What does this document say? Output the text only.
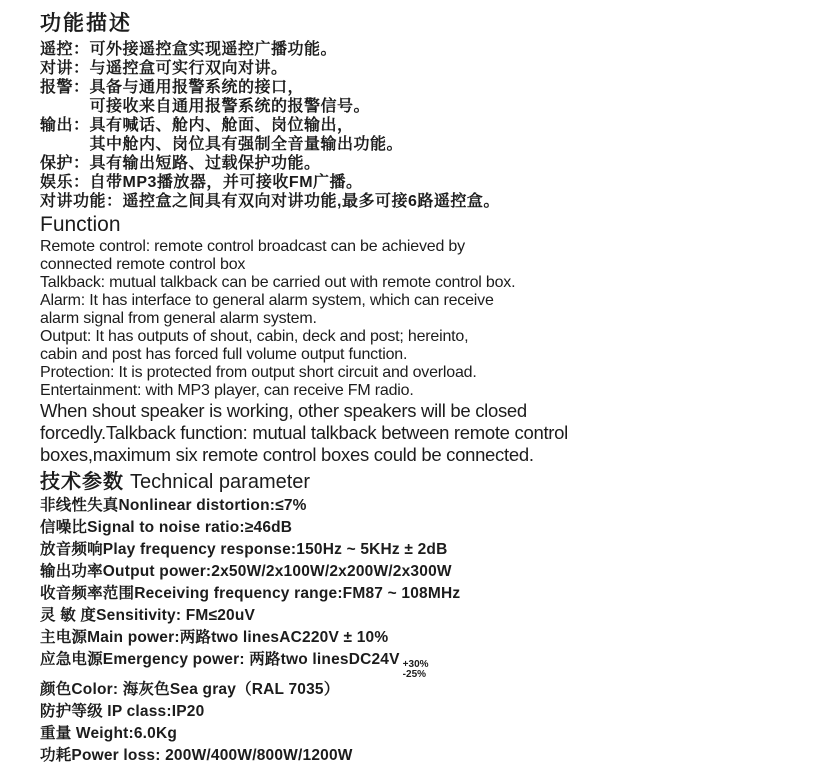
功能描述
遥控： 可外接遥控盒实现遥控广播功能。
对讲： 与遥控盒可实行双向对讲。
报警： 具备与通用报警系统的接口，
可接收来自通用报警系统的报警信号。
输出： 具有喊话、舱内、舱面、岗位输出，
其中舱内、岗位具有强制全音量输出功能。
保护： 具有输出短路、过载保护功能。
娱乐： 自带MP3播放器，并可接收FM广播。
对讲功能： 遥控盒之间具有双向对讲功能,最多可接6路遥控盒。
Function
Remote control: remote control broadcast can be achieved by
connected remote control box
Talkback: mutual talkback can be carried out with remote control box.
Alarm: It has interface to general alarm system, which can receive
alarm signal from general alarm system.
Output: It has outputs of shout, cabin, deck and post; hereinto,
cabin and post has forced full volume output function.
Protection: It is protected from output short circuit and overload.
Entertainment: with MP3 player, can receive FM radio.
When shout speaker is working, other speakers will be closed
forcedly.Talkback function: mutual talkback between remote control
boxes,maximum six remote control boxes could be connected.
技术参数 Technical parameter
非线性失真Nonlinear distortion:≤7%
信噪比Signal to noise ratio:≥46dB
放音频响Play frequency response:150Hz ~ 5KHz ± 2dB
输出功率Output power:2x50W/2x100W/2x200W/2x300W
收音频率范围Receiving frequency range:FM87 ~ 108MHz
灵 敏 度Sensitivity: FM≤20uV
主电源Main power:两路two linesAC220V ± 10%
应急电源Emergency power: 两路two linesDC24V +30%
-25%
颜色Color: 海灰色Sea gray（RAL 7035）
防护等级 IP class:IP20
重量 Weight:6.0Kg
功耗Power loss: 200W/400W/800W/1200W
